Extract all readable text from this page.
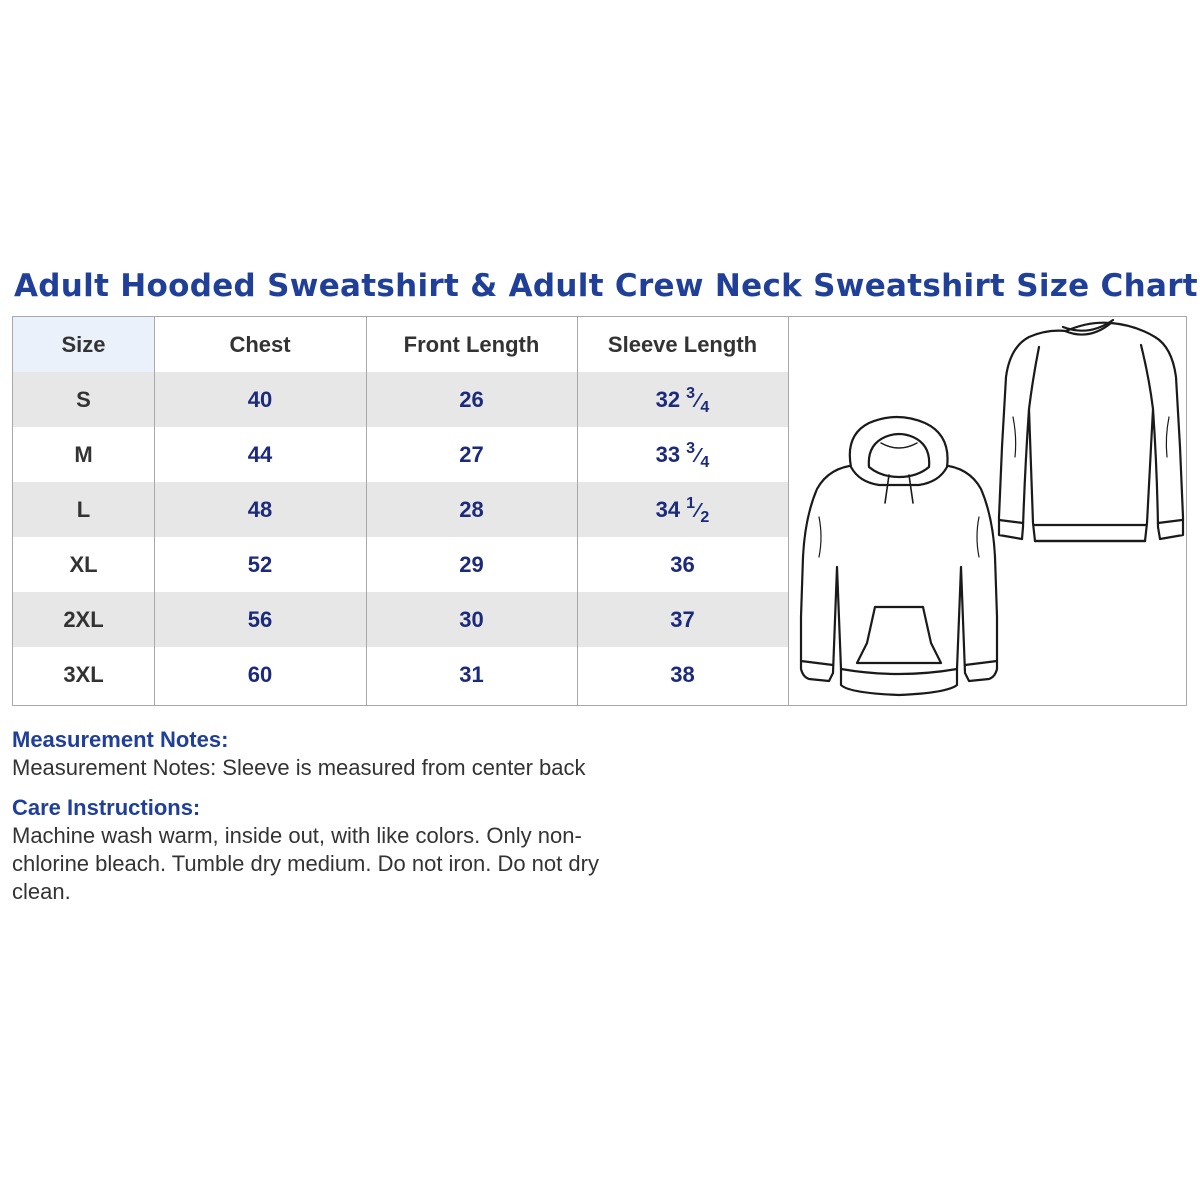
Adult Hooded Sweatshirt & Adult Crew Neck Sweatshirt Size Chart
Size	Chest	Front Length	Sleeve Length
S	40	26	32 3 ⁄ 4
M	44	27	33 3 ⁄ 4
L	48	28	34 1 ⁄ 2
XL	52	29	36
2XL	56	30	37
3XL	60	31	38
Measurement Notes:

Measurement Notes: Sleeve is measured from center back

Care Instructions:

Machine wash warm, inside out, with like colors. Only non-chlorine bleach. Tumble dry medium. Do not iron. Do not dry clean.
